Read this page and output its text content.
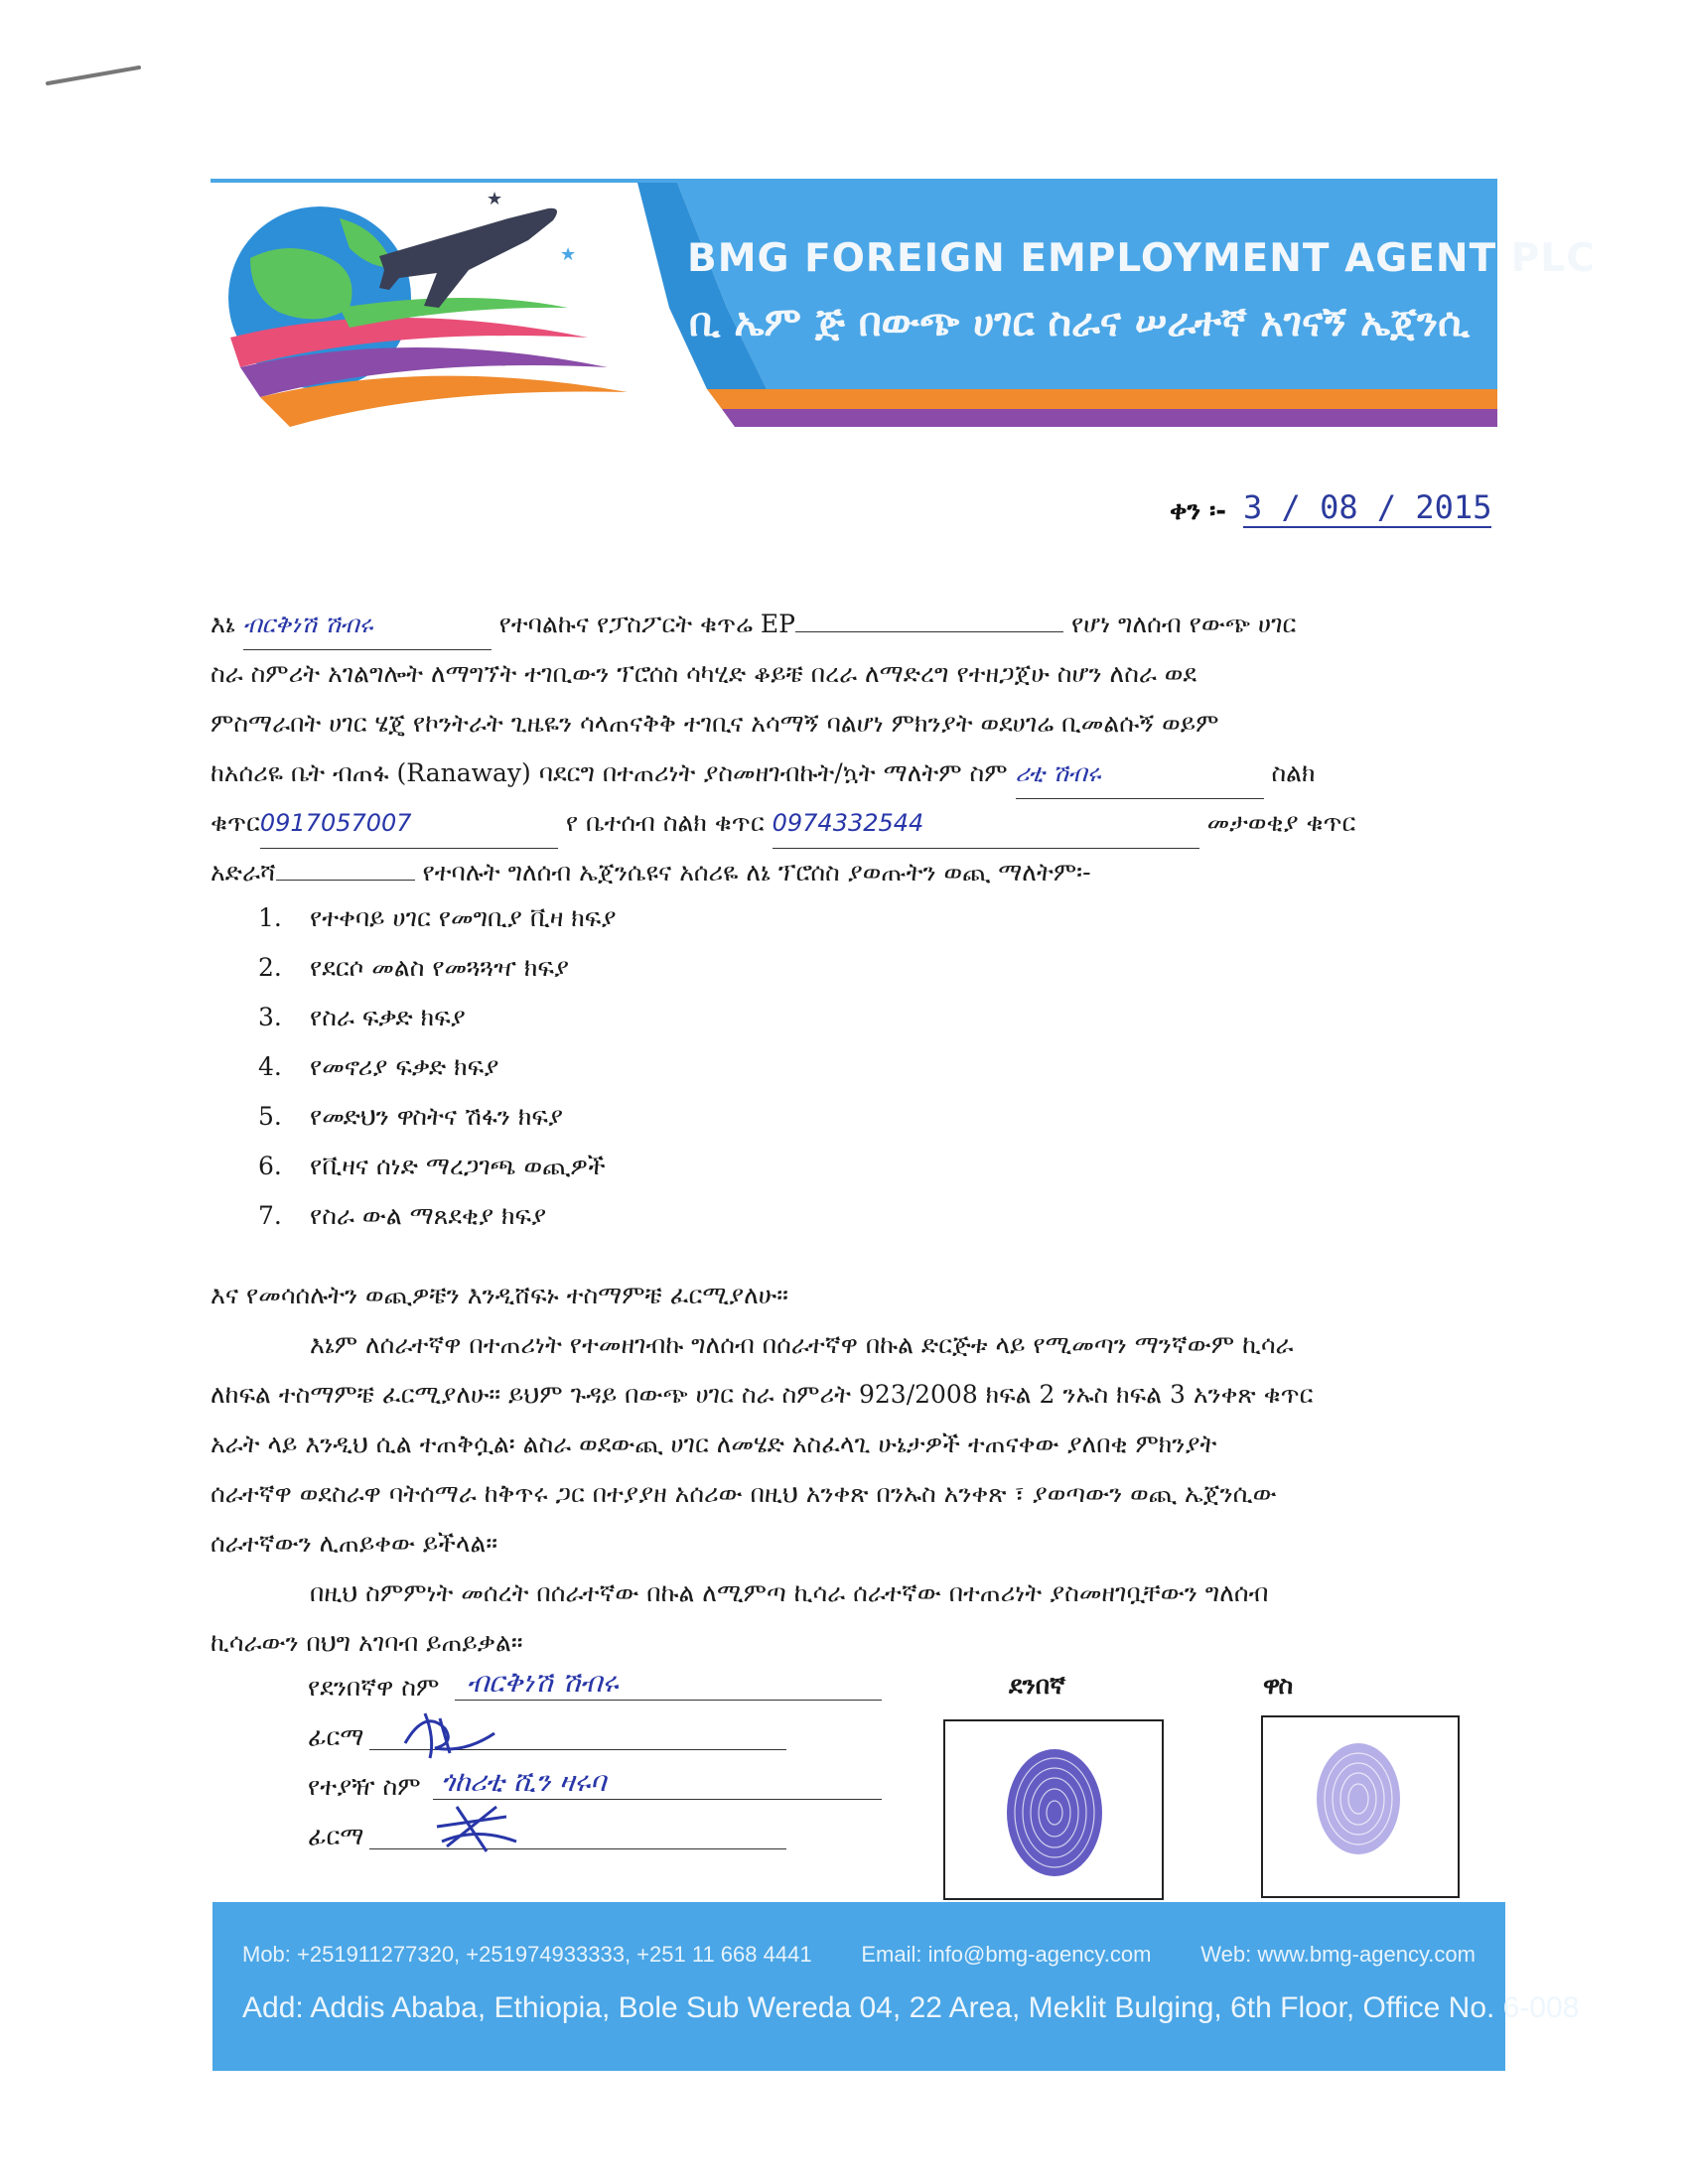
★
★	BMG FOREIGN EMPLOYMENT AGENT PLC
ቢ ኤም ጅ በውጭ ሀገር ስራና ሠራተኛ አገናኝ ኤጀንሲ
ቀን ፡- 3 / 08 / 2015
እኔ ብርቅነሽ ሽብሩ	የተባልኩና የፓስፖርት ቁጥሬ EP	የሆነ ግለሰብ የውጭ ሀገር
ስራ ስምሪት አገልግሎት ለማግኘት ተገቢውን ፕሮሰስ ሳካሂድ ቆይቼ በረራ ለማድረግ የተዘጋጀሁ ስሆን ለስራ ወደ
ምስማራበት ሀገር ሄጄ የኮንትራት ጊዜዬን ሳላጠናቅቅ ተገቢና አሳማኝ ባልሆነ ምክንያት ወደሀገሬ ቢመልሱኝ ወይም
ከአሰሪዬ ቤት ብጠፋ (Ranaway) ባደርግ በተጠሪነት ያስመዘገብኩት/ኳት ማለትም ስም ሪቲ ሽብሩ	ስልክ
ቁጥር0917057007	የ ቤተሰብ ስልክ ቁጥር 0974332544	መታወቂያ ቁጥር
አድራሻ	የተባሉት ግለሰብ ኤጀንሴዩና አሰሪዬ ለኔ ፕሮሰስ ያወጡትን ወጪ ማለትም፡-
1. የተቀባይ ሀገር የመግቢያ ቪዛ ክፍያ
2. የደርሶ መልስ የመጓጓዣ ክፍያ
3. የስራ ፍቃድ ክፍያ
4. የመኖሪያ ፍቃድ ክፍያ
5. የመድህን ዋስትና ሽፋን ክፍያ
6. የቪዛና ሰነድ ማረጋገጫ ወጪዎች
7. የስራ ውል ማጸደቂያ ክፍያ
እና የመሳሰሉትን ወጪዎቼን እንዲሸፍኑ ተስማምቼ ፈርሚያለሁ።
እኔም ለሰራተኛዋ በተጠሪነት የተመዘገብኩ ግለሰብ በሰራተኛዋ በኩል ድርጅቱ ላይ የሚመጣን ማንኛውም ኪሳራ
ለከፍል ተስማምቼ ፈርሚያለሁ። ይህም ጉዳይ በውጭ ሀገር ስራ ስምሪት 923/2008 ክፍል 2 ንኡስ ክፍል 3 አንቀጽ ቁጥር
አራት ላይ እንዲህ ሲል ተጠቅሷል፡ ልስራ ወደውጪ ሀገር ለመሄድ አስፈላጊ ሁኔታዎች ተጠናቀው ያለበቂ ምክንያት
ሰራተኛዋ ወደስራዋ ባትሰማራ ከቅጥሩ ጋር በተያያዘ አሰሪው በዚህ አንቀጽ በንኡስ አንቀጽ ፣ ያወጣውን ወጪ ኤጀንሲው
ሰራተኛውን ሊጠይቀው ይችላል።
በዚህ ስምምነት መሰረት በሰራተኛው በኩል ለሚምጣ ኪሳራ ሰራተኛው በተጠሪነት ያስመዘገቧቸውን ግለሰብ
ኪሳራውን በህግ አገባብ ይጠይቃል።
የደንበኛዋ ስም ብርቅነሽ ሽብሩ
ፊርማ
የተያዥ ስም ጎከሪቲ ሺን ዛሩባ
ፊርማ
ደንበኛ	ዋስ
Mob: +251911277320, +251974933333, +251 11 668 4441 Email: info@bmg-agency.com Web: www.bmg-agency.com
Add: Addis Ababa, Ethiopia, Bole Sub Wereda 04, 22 Area, Meklit Bulging, 6th Floor, Office No. 6-008
